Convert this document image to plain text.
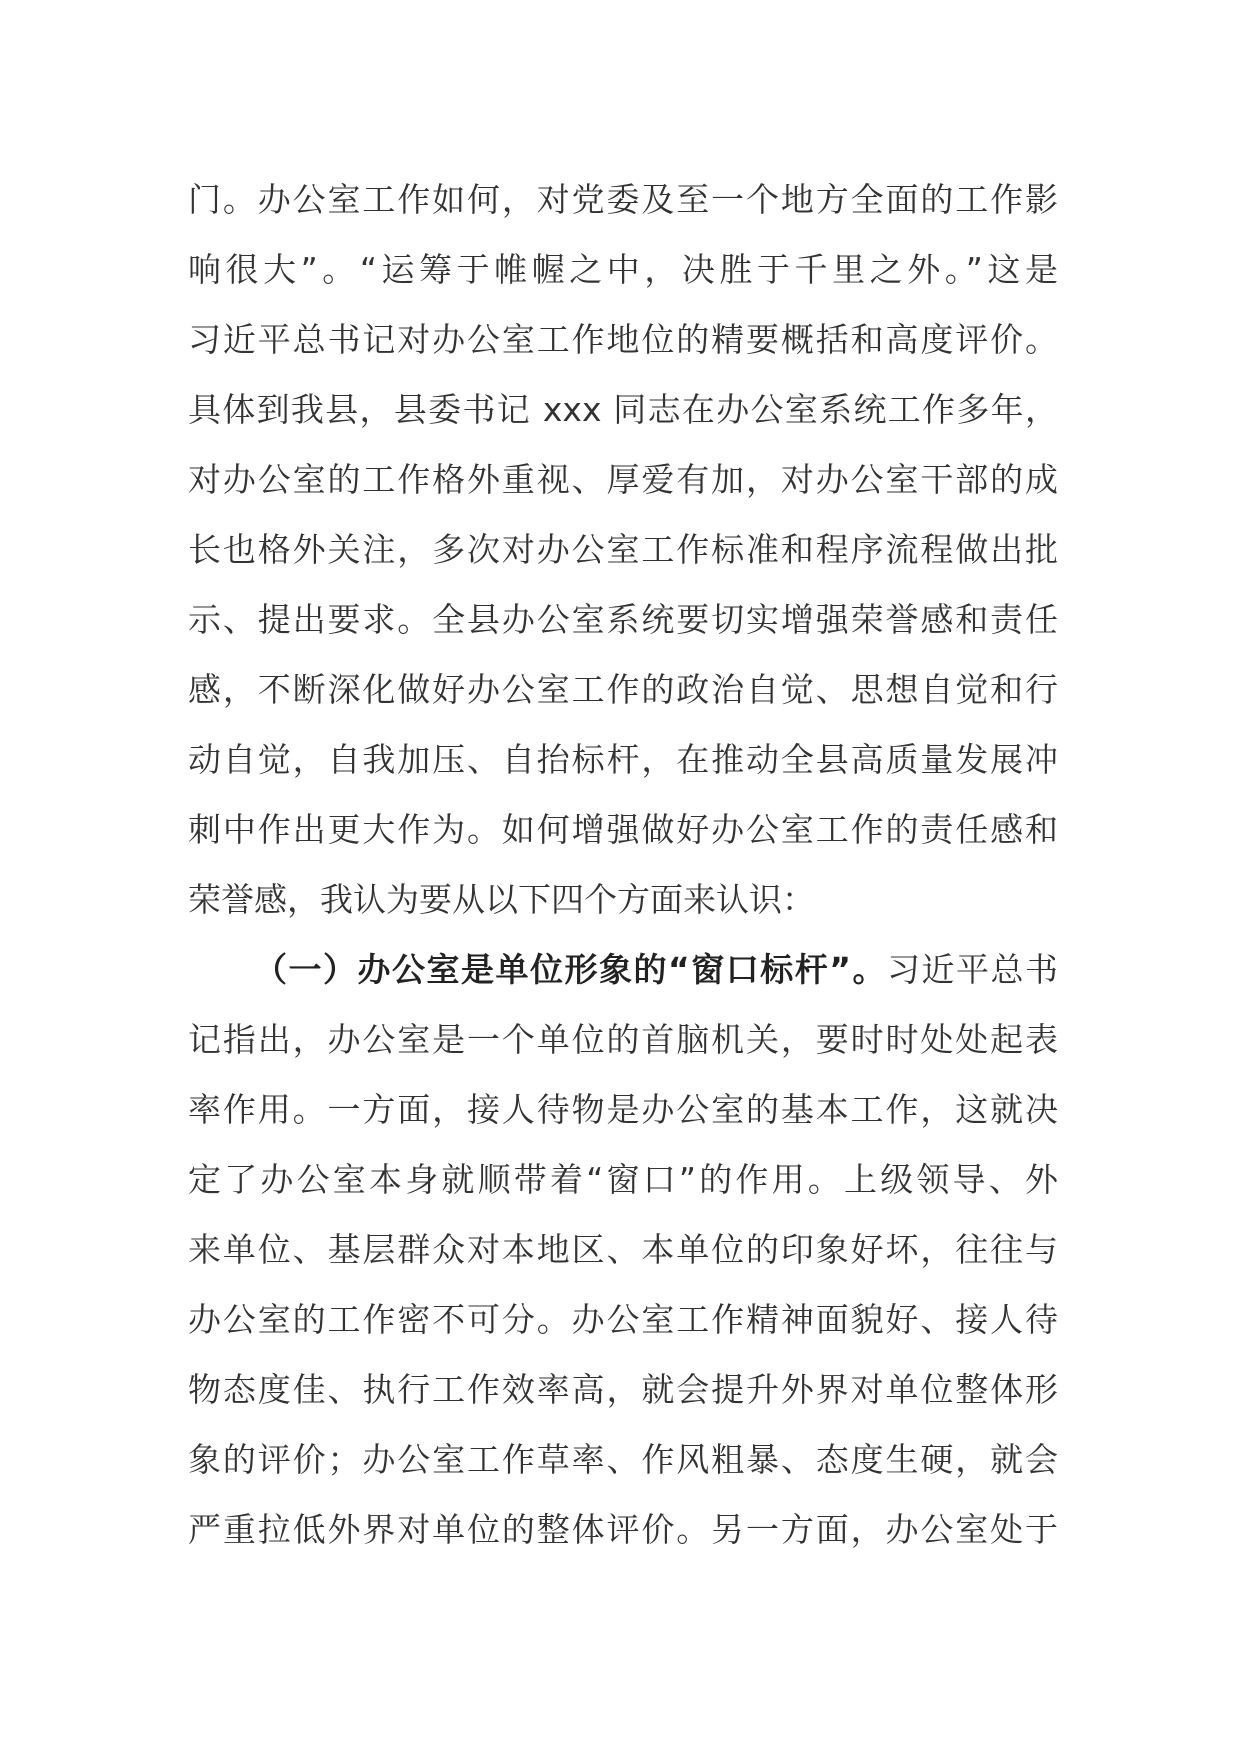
门。办公室工作如何，对党委及至一个地方全面的工作影
响很大”。“运筹于帷幄之中，决胜于千里之外。”这是
习近平总书记对办公室工作地位的精要概括和高度评价。
具体到我县，县委书记 xxx 同志在办公室系统工作多年，
对办公室的工作格外重视、厚爱有加，对办公室干部的成
长也格外关注，多次对办公室工作标准和程序流程做出批
示、提出要求。全县办公室系统要切实增强荣誉感和责任
感，不断深化做好办公室工作的政治自觉、思想自觉和行
动自觉，自我加压、自抬标杆，在推动全县高质量发展冲
刺中作出更大作为。如何增强做好办公室工作的责任感和
荣誉感，我认为要从以下四个方面来认识：
（一）办公室是单位形象的“窗口标杆”。习近平总书
记指出，办公室是一个单位的首脑机关，要时时处处起表
率作用。一方面，接人待物是办公室的基本工作，这就决
定了办公室本身就顺带着“窗口”的作用。上级领导、外
来单位、基层群众对本地区、本单位的印象好坏，往往与
办公室的工作密不可分。办公室工作精神面貌好、接人待
物态度佳、执行工作效率高，就会提升外界对单位整体形
象的评价；办公室工作草率、作风粗暴、态度生硬，就会
严重拉低外界对单位的整体评价。另一方面，办公室处于
